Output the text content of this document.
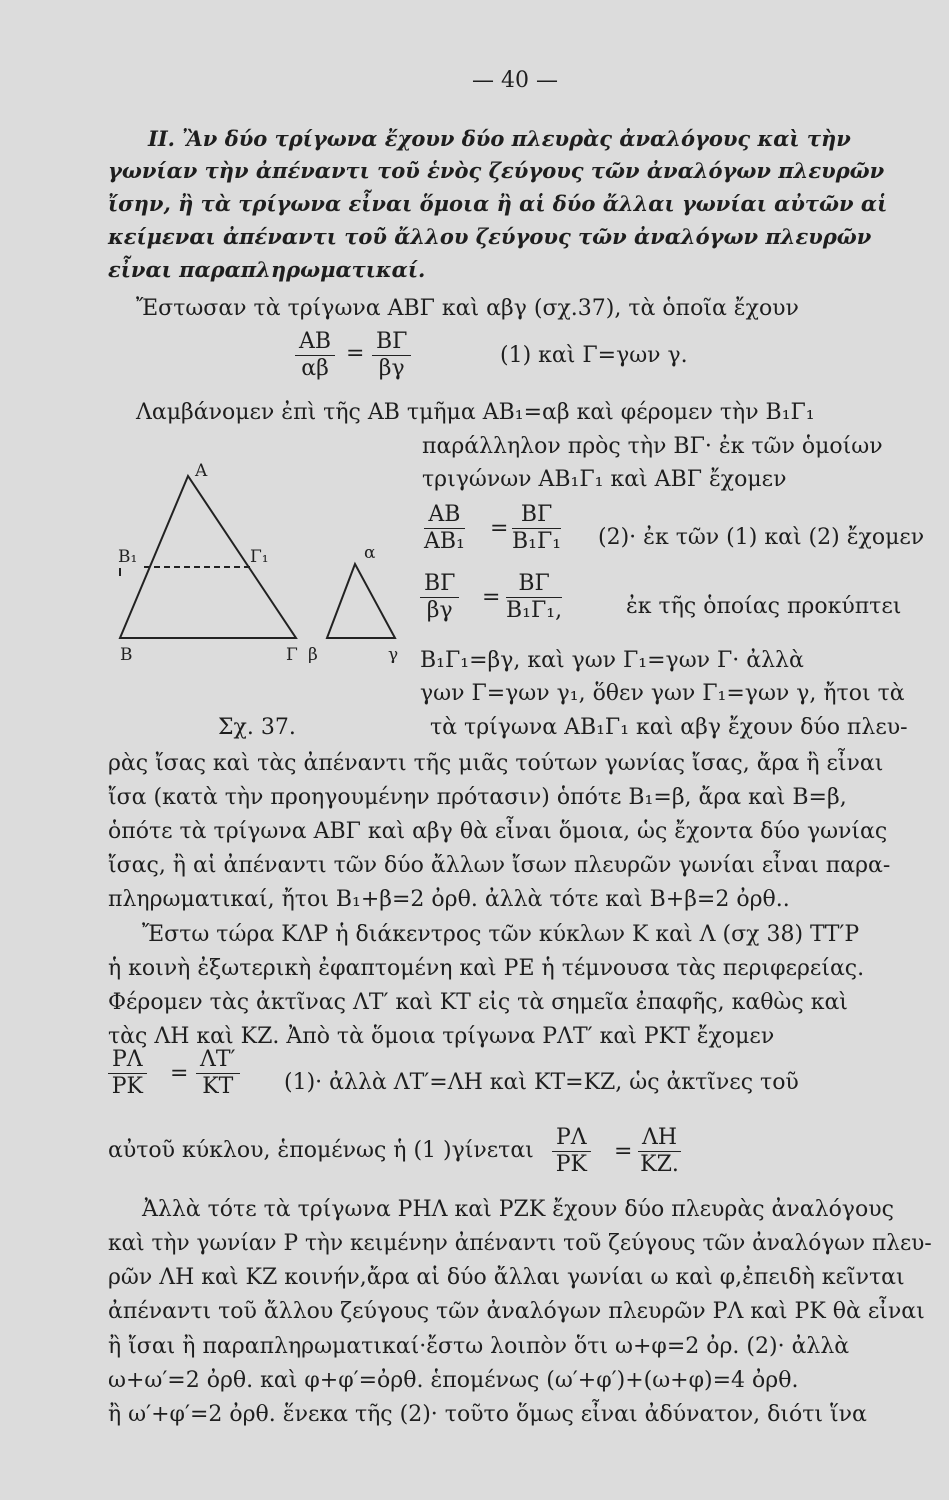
— 40 —
II. Ἂν δύο τρίγωνα ἔχουν δύο πλευρὰς ἀναλόγους καὶ τὴν
γωνίαν τὴν ἀπέναντι τοῦ ἑνὸς ζεύγους τῶν ἀναλόγων πλευρῶν
ἴσην, ἢ τὰ τρίγωνα εἶναι ὅμοια ἢ αἱ δύο ἄλλαι γωνίαι αὐτῶν αἱ
κείμεναι ἀπέναντι τοῦ ἄλλου ζεύγους τῶν ἀναλόγων πλευρῶν
εἶναι παραπληρωματικαί.
Ἔστωσαν τὰ τρίγωνα ΑΒΓ καὶ αβγ (σχ.37), τὰ ὁποῖα ἔχουν
$\frac{AB}{\alpha\beta} = \frac{B\Gamma}{\beta\gamma}$	(1) καὶ Γ=γων γ.
Λαμβάνομεν ἐπὶ τῆς ΑΒ τμῆμα ΑΒ₁=αβ καὶ φέρομεν τὴν Β₁Γ₁
παράλληλον πρὸς τὴν ΒΓ· ἐκ τῶν ὁμοίων
τριγώνων ΑΒ₁Γ₁ καὶ ΑΒΓ ἔχομεν
A
B₁	Γ₁
B	Γ
α
β	γ
$\frac{AB}{\text{ΑΒ₁}} = \frac{B\Gamma}{\text{Β₁Γ₁}} (2)\cdot$ ἐκ τῶν (1) καὶ (2) ἔχομεν
$\frac{B\Gamma}{\beta\gamma} = \frac{B\Gamma}{\text{Β₁Γ₁,}}$	ἐκ τῆς ὁποίας προκύπτει
Β₁Γ₁=βγ, καὶ γων Γ₁=γων Γ· ἀλλὰ
γων Γ=γων γ₁, ὅθεν γων Γ₁=γων γ, ἤτοι τὰ
Σχ. 37.	τὰ τρίγωνα ΑΒ₁Γ₁ καὶ αβγ ἔχουν δύο πλευ-
ρὰς ἴσας καὶ τὰς ἀπέναντι τῆς μιᾶς τούτων γωνίας ἴσας, ἄρα ἢ εἶναι
ἴσα (κατὰ τὴν προηγουμένην πρότασιν) ὁπότε Β₁=β, ἄρα καὶ Β=β,
ὁπότε τὰ τρίγωνα ΑΒΓ καὶ αβγ θὰ εἶναι ὅμοια, ὡς ἔχοντα δύο γωνίας
ἴσας, ἢ αἱ ἀπέναντι τῶν δύο ἄλλων ἴσων πλευρῶν γωνίαι εἶναι παρα-
πληρωματικαί, ἤτοι Β₁+β=2 ὀρθ. ἀλλὰ τότε καὶ Β+β=2 ὀρθ..
Ἔστω τώρα ΚΛΡ ἡ διάκεντρος τῶν κύκλων Κ καὶ Λ (σχ 38) ΤΤ′Ρ
ἡ κοινὴ ἐξωτερικὴ ἐφαπτομένη καὶ ΡΕ ἡ τέμνουσα τὰς περιφερείας.
Φέρομεν τὰς ἀκτῖνας ΛΤ′ καὶ ΚΤ εἰς τὰ σημεῖα ἐπαφῆς, καθὼς καὶ
τὰς ΛΗ καὶ ΚΖ. Ἀπὸ τὰ ὅμοια τρίγωνα ΡΛΤ′ καὶ ΡΚΤ ἔχομεν
$\frac{P\Lambda}{PK} = \frac{\Lambda T'}{KT} (1)\cdot$ ἀλλὰ ΛΤ′=ΛΗ καὶ ΚΤ=ΚΖ, ὡς ἀκτῖνες τοῦ
αὐτοῦ κύκλου, ἑπομένως ἡ (1 )$\gamma ί\nu\varepsilon\tau\alpha\iota \frac{P\Lambda}{PK} = \frac{\Lambda H}{KZ.}$
Ἀλλὰ τότε τὰ τρίγωνα ΡΗΛ καὶ ΡΖΚ ἔχουν δύο πλευρὰς ἀναλόγους
καὶ τὴν γωνίαν Ρ τὴν κειμένην ἀπέναντι τοῦ ζεύγους τῶν ἀναλόγων πλευ-
ρῶν ΛΗ καὶ ΚΖ κοινήν,ἄρα αἱ δύο ἄλλαι γωνίαι ω καὶ φ,ἐπειδὴ κεῖνται
ἀπέναντι τοῦ ἄλλου ζεύγους τῶν ἀναλόγων πλευρῶν ΡΛ καὶ ΡΚ θὰ εἶναι
ἢ ἴσαι ἢ παραπληρωματικαί·ἔστω λοιπὸν ὅτι ω+φ=2 ὀρ. (2)· ἀλλὰ
ω+ω′=2 ὀρθ. καὶ φ+φ′=ὀρθ. ἑπομένως (ω′+φ′)+(ω+φ)=4 ὀρθ.
ἢ ω′+φ′=2 ὀρθ. ἕνεκα τῆς (2)· τοῦτο ὅμως εἶναι ἀδύνατον, διότι ἵνα
